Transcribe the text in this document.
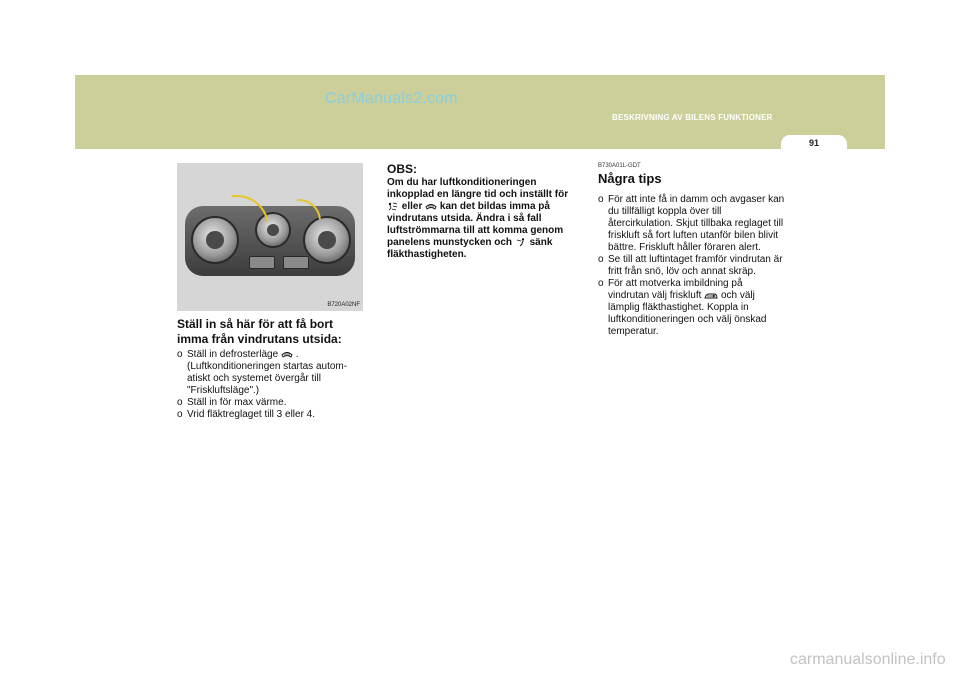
CarManuals2.com
BESKRIVNING AV BILENS FUNKTIONER
91
B720A02NF
Ställ in så här för att få bort imma från vindrutans utsida:
o Ställ in defrosterläge . (Luftkonditioneringen startas autom-atiskt och systemet övergår till "Friskluftsläge".)
o Ställ in för max värme.
o Vrid fläktreglaget till 3 eller 4.
OBS:
Om du har luftkonditioneringen inkopplad en längre tid och inställt för  eller kan det bildas imma på vindrutans utsida. Ändra i så fall luftströmmarna till att komma genom panelens munstycken och sänk fläkthastigheten.
B730A01L-GDT
Några tips
o För att inte få in damm och avgaser kan du tillfälligt koppla över till återcirkulation. Skjut tillbaka reglaget till friskluft så fort luften utanför bilen blivit bättre. Friskluft håller föraren alert.
o Se till att luftintaget framför vindrutan är fritt från snö, löv och annat skräp.
o För att motverka imbildning på vindrutan välj friskluft och välj lämplig fläkthastighet. Koppla in luftkonditioneringen och välj önskad temperatur.
carmanualsonline.info
